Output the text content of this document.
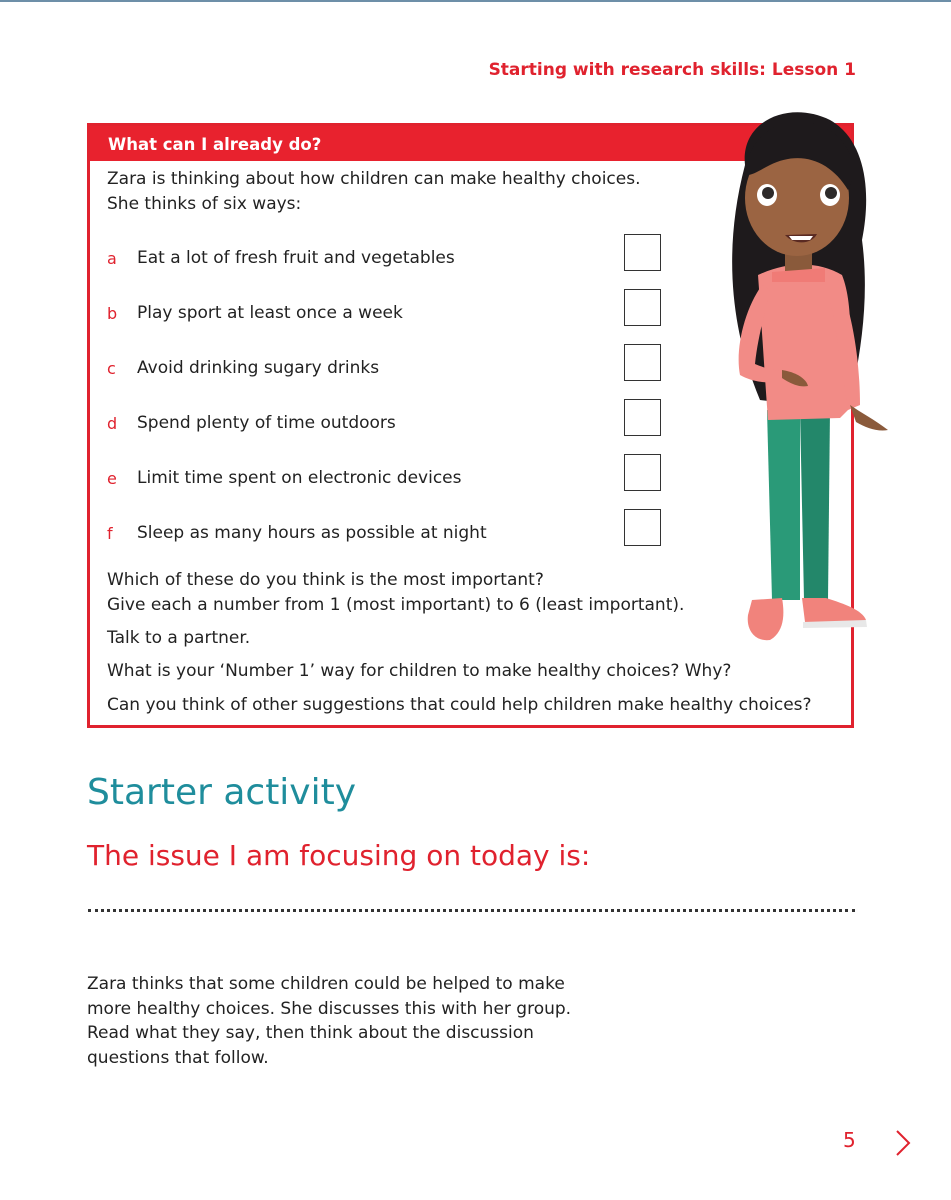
Starting with research skills: Lesson 1
What can I already do?
Zara is thinking about how children can make healthy choices.
She thinks of six ways:
a Eat a lot of fresh fruit and vegetables
b Play sport at least once a week
c Avoid drinking sugary drinks
d Spend plenty of time outdoors
e Limit time spent on electronic devices
f Sleep as many hours as possible at night
Which of these do you think is the most important?
Give each a number from 1 (most important) to 6 (least important).
Talk to a partner.
What is your ‘Number 1’ way for children to make healthy choices? Why?
Can you think of other suggestions that could help children make healthy choices?
Starter activity
The issue I am focusing on today is:
Zara thinks that some children could be helped to make
more healthy choices. She discusses this with her group.
Read what they say, then think about the discussion
questions that follow.
5
